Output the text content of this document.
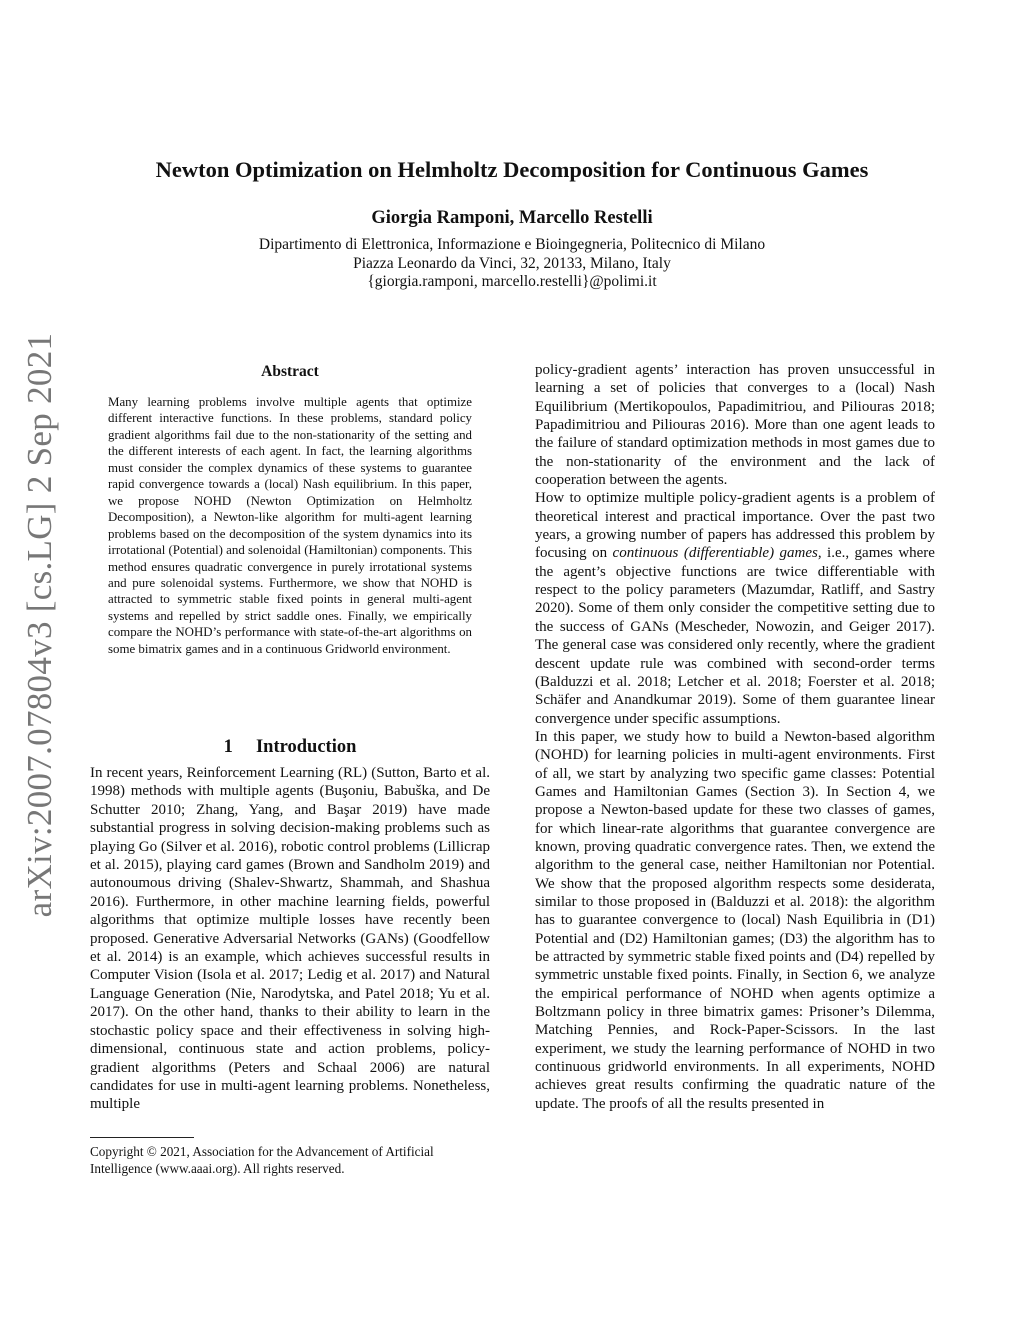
arXiv:2007.07804v3 [cs.LG] 2 Sep 2021
Newton Optimization on Helmholtz Decomposition for Continuous Games
Giorgia Ramponi, Marcello Restelli

Dipartimento di Elettronica, Informazione e Bioingegneria, Politecnico di Milano

Piazza Leonardo da Vinci, 32, 20133, Milano, Italy

{giorgia.ramponi, marcello.restelli}@polimi.it

Abstract

Many learning problems involve multiple agents that optimize different interactive functions. In these problems, standard policy gradient algorithms fail due to the non-stationarity of the setting and the different interests of each agent. In fact, the learning algorithms must consider the complex dynamics of these systems to guarantee rapid convergence towards a (local) Nash equilibrium. In this paper, we propose NOHD (Newton Optimization on Helmholtz Decomposition), a Newton-like algorithm for multi-agent learning problems based on the decomposition of the system dynamics into its irrotational (Potential) and solenoidal (Hamiltonian) components. This method ensures quadratic convergence in purely irrotational systems and pure solenoidal systems. Furthermore, we show that NOHD is attracted to symmetric stable fixed points in general multi-agent systems and repelled by strict saddle ones. Finally, we empirically compare the NOHD’s performance with state-of-the-art algorithms on some bimatrix games and in a continuous Gridworld environment.

1     Introduction

In recent years, Reinforcement Learning (RL) (Sutton, Barto et al. 1998) methods with multiple agents (Buşoniu, Babuška, and De Schutter 2010; Zhang, Yang, and Başar 2019) have made substantial progress in solving decision-making problems such as playing Go (Silver et al. 2016), robotic control problems (Lillicrap et al. 2015), playing card games (Brown and Sandholm 2019) and autonoumous driving (Shalev-Shwartz, Shammah, and Shashua 2016). Furthermore, in other machine learning fields, powerful algorithms that optimize multiple losses have recently been proposed. Generative Adversarial Networks (GANs) (Goodfellow et al. 2014) is an example, which achieves successful results in Computer Vision (Isola et al. 2017; Ledig et al. 2017) and Natural Language Generation (Nie, Narodytska, and Patel 2018; Yu et al. 2017). On the other hand, thanks to their ability to learn in the stochastic policy space and their effectiveness in solving high-dimensional, continuous state and action problems, policy-gradient algorithms (Peters and Schaal 2006) are natural candidates for use in multi-agent learning problems. Nonetheless, multiple

policy-gradient agents’ interaction has proven unsuccessful in learning a set of policies that converges to a (local) Nash Equilibrium (Mertikopoulos, Papadimitriou, and Piliouras 2018; Papadimitriou and Piliouras 2016). More than one agent leads to the failure of standard optimization methods in most games due to the non-stationarity of the environment and the lack of cooperation between the agents.

How to optimize multiple policy-gradient agents is a problem of theoretical interest and practical importance. Over the past two years, a growing number of papers has addressed this problem by focusing on continuous (differentiable) games, i.e., games where the agent’s objective functions are twice differentiable with respect to the policy parameters (Mazumdar, Ratliff, and Sastry 2020). Some of them only consider the competitive setting due to the success of GANs (Mescheder, Nowozin, and Geiger 2017). The general case was considered only recently, where the gradient descent update rule was combined with second-order terms (Balduzzi et al. 2018; Letcher et al. 2018; Foerster et al. 2018; Schäfer and Anandkumar 2019). Some of them guarantee linear convergence under specific assumptions.

In this paper, we study how to build a Newton-based algorithm (NOHD) for learning policies in multi-agent environments. First of all, we start by analyzing two specific game classes: Potential Games and Hamiltonian Games (Section 3). In Section 4, we propose a Newton-based update for these two classes of games, for which linear-rate algorithms that guarantee convergence are known, proving quadratic convergence rates. Then, we extend the algorithm to the general case, neither Hamiltonian nor Potential. We show that the proposed algorithm respects some desiderata, similar to those proposed in (Balduzzi et al. 2018): the algorithm has to guarantee convergence to (local) Nash Equilibria in (D1) Potential and (D2) Hamiltonian games; (D3) the algorithm has to be attracted by symmetric stable fixed points and (D4) repelled by symmetric unstable fixed points. Finally, in Section 6, we analyze the empirical performance of NOHD when agents optimize a Boltzmann policy in three bimatrix games: Prisoner’s Dilemma, Matching Pennies, and Rock-Paper-Scissors. In the last experiment, we study the learning performance of NOHD in two continuous gridworld environments. In all experiments, NOHD achieves great results confirming the quadratic nature of the update. The proofs of all the results presented in

Copyright © 2021, Association for the Advancement of Artificial Intelligence (www.aaai.org). All rights reserved.
